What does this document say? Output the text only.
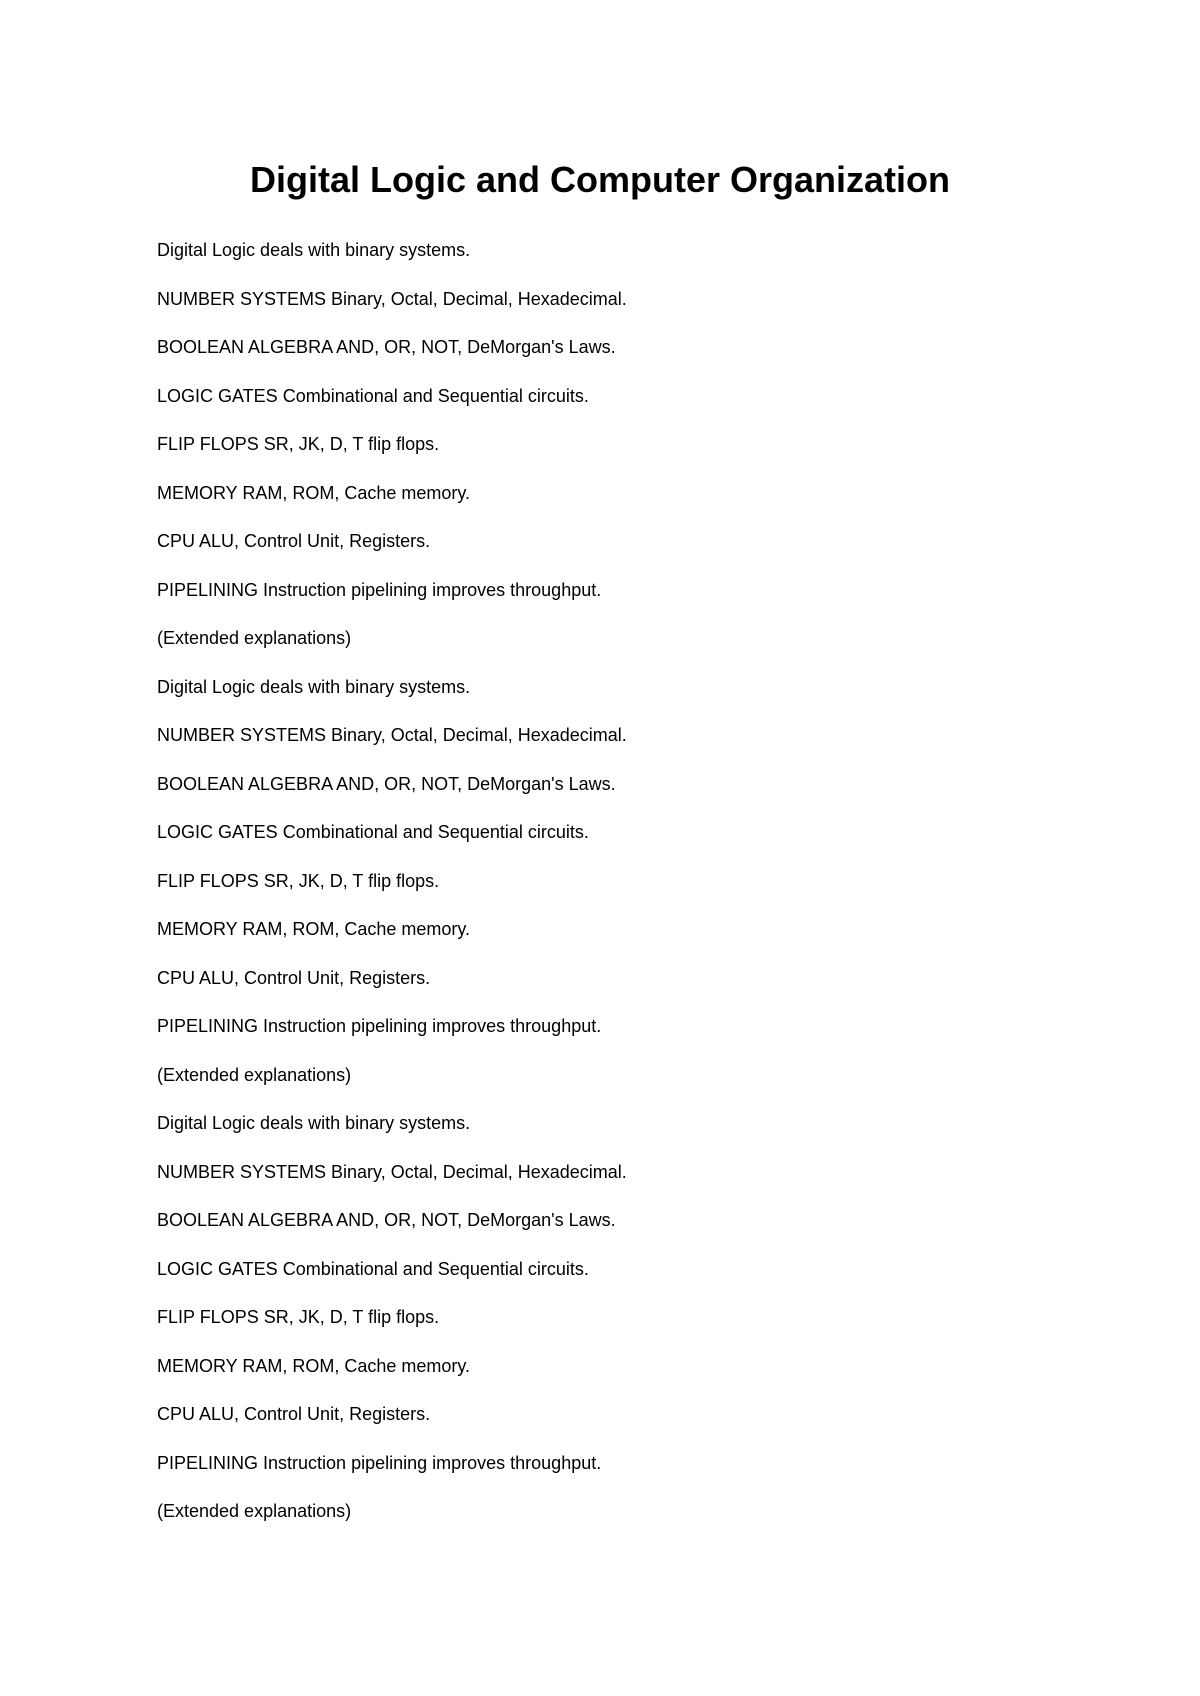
Digital Logic and Computer Organization
Digital Logic deals with binary systems.
NUMBER SYSTEMS Binary, Octal, Decimal, Hexadecimal.
BOOLEAN ALGEBRA AND, OR, NOT, DeMorgan's Laws.
LOGIC GATES Combinational and Sequential circuits.
FLIP FLOPS SR, JK, D, T flip flops.
MEMORY RAM, ROM, Cache memory.
CPU ALU, Control Unit, Registers.
PIPELINING Instruction pipelining improves throughput.
(Extended explanations)
Digital Logic deals with binary systems.
NUMBER SYSTEMS Binary, Octal, Decimal, Hexadecimal.
BOOLEAN ALGEBRA AND, OR, NOT, DeMorgan's Laws.
LOGIC GATES Combinational and Sequential circuits.
FLIP FLOPS SR, JK, D, T flip flops.
MEMORY RAM, ROM, Cache memory.
CPU ALU, Control Unit, Registers.
PIPELINING Instruction pipelining improves throughput.
(Extended explanations)
Digital Logic deals with binary systems.
NUMBER SYSTEMS Binary, Octal, Decimal, Hexadecimal.
BOOLEAN ALGEBRA AND, OR, NOT, DeMorgan's Laws.
LOGIC GATES Combinational and Sequential circuits.
FLIP FLOPS SR, JK, D, T flip flops.
MEMORY RAM, ROM, Cache memory.
CPU ALU, Control Unit, Registers.
PIPELINING Instruction pipelining improves throughput.
(Extended explanations)
